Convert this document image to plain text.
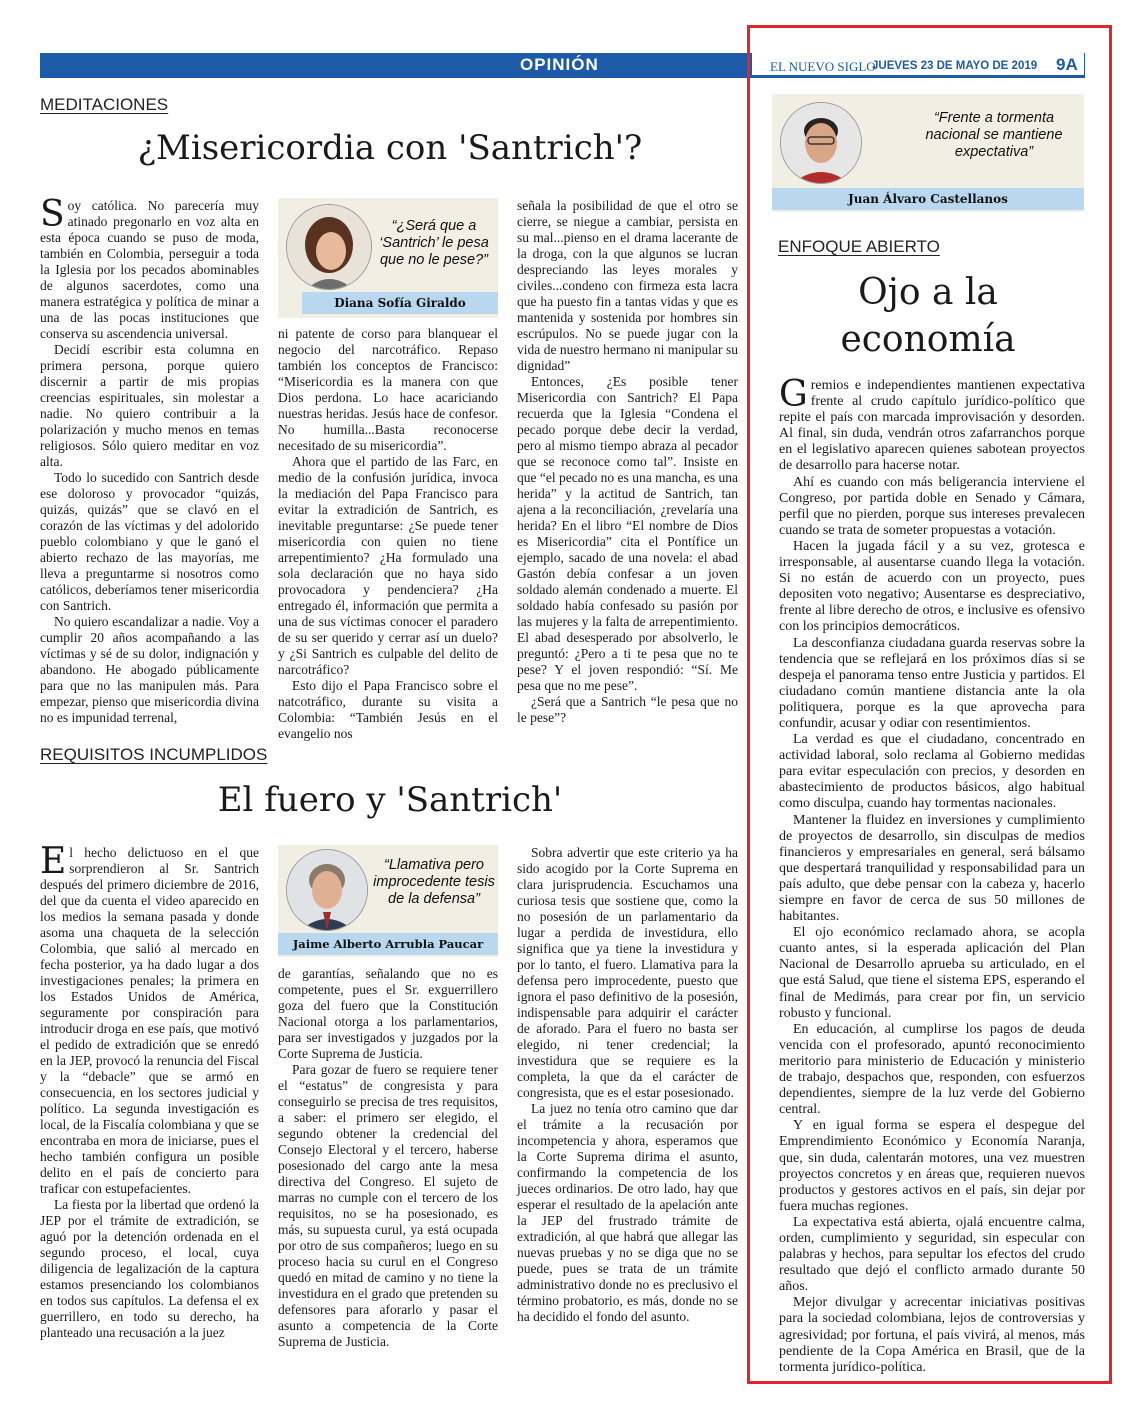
OPINIÓN	EL NUEVO SIGLO
JUEVES 23 DE MAYO DE 2019 9A
MEDITACIONES
¿Misericordia con 'Santrich'?

Soy católica. No parecería muy atinado pregonarlo en voz alta en esta época cuando se puso de moda, también en Colombia, perseguir a toda la Iglesia por los pecados abominables de algunos sacerdotes, como una manera estratégica y política de minar a una de las pocas instituciones que conserva su ascendencia universal.

Decidí escribir esta columna en primera persona, porque quiero discernir a partir de mis propias creencias espirituales, sin molestar a nadie. No quiero contribuir a la polarización y mucho menos en temas religiosos. Sólo quiero meditar en voz alta.

Todo lo sucedido con Santrich desde ese doloroso y provocador “quizás, quizás, quizás” que se clavó en el corazón de las víctimas y del adolorido pueblo colombiano y que le ganó el abierto rechazo de las mayorías, me lleva a preguntarme si nosotros como católicos, deberíamos tener misericordia con Santrich.

No quiero escandalizar a nadie. Voy a cumplir 20 años acompañando a las víctimas y sé de su dolor, indignación y abandono. He abogado públicamente para que no las manipulen más. Para empezar, pienso que misericordia divina no es impunidad terrenal,

“¿Será que a ‘Santrich’ le pesa que no le pese?”
Diana Sofía Giraldo

ni patente de corso para blanquear el negocio del narcotráfico. Repaso también los conceptos de Francisco: “Misericordia es la manera con que Dios perdona. Lo hace acariciando nuestras heridas. Jesús hace de confesor. No humilla...Basta reconocerse necesitado de su misericordia”.

Ahora que el partido de las Farc, en medio de la confusión jurídica, invoca la mediación del Papa Francisco para evitar la extradición de Santrich, es inevitable preguntarse: ¿Se puede tener misericordia con quien no tiene arrepentimiento? ¿Ha formulado una sola declaración que no haya sido provocadora y pendenciera? ¿Ha entregado él, información que permita a una de sus víctimas conocer el paradero de su ser querido y cerrar así un duelo? y ¿Si Santrich es culpable del delito de narcotráfico?

Esto dijo el Papa Francisco sobre el natcotráfico, durante su visita a Colombia: “También Jesús en el evangelio nos

señala la posibilidad de que el otro se cierre, se niegue a cambiar, persista en su mal...pienso en el drama lacerante de la droga, con la que algunos se lucran despreciando las leyes morales y civiles...condeno con firmeza esta lacra que ha puesto fin a tantas vidas y que es mantenida y sostenida por hombres sin escrúpulos. No se puede jugar con la vida de nuestro hermano ni manipular su dignidad”

Entonces, ¿Es posible tener Misericordia con Santrich? El Papa recuerda que la Iglesia “Condena el pecado porque debe decir la verdad, pero al mismo tiempo abraza al pecador que se reconoce como tal”. Insiste en que “el pecado no es una mancha, es una herida” y la actitud de Santrich, tan ajena a la reconciliación, ¿revelaría una herida? En el libro “El nombre de Dios es Misericordia” cita el Pontífice un ejemplo, sacado de una novela: el abad Gastón debía confesar a un joven soldado alemán condenado a muerte. El soldado había confesado su pasión por las mujeres y la falta de arrepentimiento. El abad desesperado por absolverlo, le preguntó: ¿Pero a ti te pesa que no te pese? Y el joven respondió: “Sí. Me pesa que no me pese”.

¿Será que a Santrich “le pesa que no le pese”?

REQUISITOS INCUMPLIDOS
El fuero y 'Santrich'

El hecho delictuoso en el que sorprendieron al Sr. Santrich después del primero diciembre de 2016, del que da cuenta el video aparecido en los medios la semana pasada y donde asoma una chaqueta de la selección Colombia, que salió al mercado en fecha posterior, ya ha dado lugar a dos investigaciones penales; la primera en los Estados Unidos de América, seguramente por conspiración para introducir droga en ese país, que motivó el pedido de extradición que se enredó en la JEP, provocó la renuncia del Fiscal y la “debacle” que se armó en consecuencia, en los sectores judicial y político. La segunda investigación es local, de la Fiscalía colombiana y que se encontraba en mora de iniciarse, pues el hecho también configura un posible delito en el país de concierto para traficar con estupefacientes.

La fiesta por la libertad que ordenó la JEP por el trámite de extradición, se aguó por la detención ordenada en el segundo proceso, el local, cuya diligencia de legalización de la captura estamos presenciando los colombianos en todos sus capítulos. La defensa el ex guerrillero, en todo su derecho, ha planteado una recusación a la juez

“Llamativa pero improcedente tesis de la defensa”
Jaime Alberto Arrubla Paucar

de garantías, señalando que no es competente, pues el Sr. exguerrillero goza del fuero que la Constitución Nacional otorga a los parlamentarios, para ser investigados y juzgados por la Corte Suprema de Justicia.

Para gozar de fuero se requiere tener el “estatus” de congresista y para conseguirlo se precisa de tres requisitos, a saber: el primero ser elegido, el segundo obtener la credencial del Consejo Electoral y el tercero, haberse posesionado del cargo ante la mesa directiva del Congreso. El sujeto de marras no cumple con el tercero de los requisitos, no se ha posesionado, es más, su supuesta curul, ya está ocupada por otro de sus compañeros; luego en su proceso hacia su curul en el Congreso quedó en mitad de camino y no tiene la investidura en el grado que pretenden su defensores para aforarlo y pasar el asunto a competencia de la Corte Suprema de Justicia.

Sobra advertir que este criterio ya ha sido acogido por la Corte Suprema en clara jurisprudencia. Escuchamos una curiosa tesis que sostiene que, como la no posesión de un parlamentario da lugar a perdida de investidura, ello significa que ya tiene la investidura y por lo tanto, el fuero. Llamativa para la defensa pero improcedente, puesto que ignora el paso definitivo de la posesión, indispensable para adquirir el carácter de aforado. Para el fuero no basta ser elegido, ni tener credencial; la investidura que se requiere es la completa, la que da el carácter de congresista, que es el estar posesionado.

La juez no tenía otro camino que dar el trámite a la recusación por incompetencia y ahora, esperamos que la Corte Suprema dirima el asunto, confirmando la competencia de los jueces ordinarios. De otro lado, hay que esperar el resultado de la apelación ante la JEP del frustrado trámite de extradición, al que habrá que allegar las nuevas pruebas y no se diga que no se puede, pues se trata de un trámite administrativo donde no es preclusivo el término probatorio, es más, donde no se ha decidido el fondo del asunto.

“Frente a tormenta nacional se mantiene expectativa”
Juan Álvaro Castellanos
ENFOQUE ABIERTO
Ojo a la
economía

Gremios e independientes mantienen expectativa frente al crudo capítulo jurídico-político que repite el país con marcada improvisación y desorden. Al final, sin duda, vendrán otros zafarranchos porque en el legislativo aparecen quienes sabotean proyectos de desarrollo para hacerse notar.

Ahí es cuando con más beligerancia interviene el Congreso, por partida doble en Senado y Cámara, perfil que no pierden, porque sus intereses prevalecen cuando se trata de someter propuestas a votación.

Hacen la jugada fácil y a su vez, grotesca e irresponsable, al ausentarse cuando llega la votación. Si no están de acuerdo con un proyecto, pues depositen voto negativo; Ausentarse es despreciativo, frente al libre derecho de otros, e inclusive es ofensivo con los principios democráticos.

La desconfianza ciudadana guarda reservas sobre la tendencia que se reflejará en los próximos días si se despeja el panorama tenso entre Justicia y partidos. El ciudadano común mantiene distancia ante la ola politiquera, porque es la que aprovecha para confundir, acusar y odiar con resentimientos.

La verdad es que el ciudadano, concentrado en actividad laboral, solo reclama al Gobierno medidas para evitar especulación con precios, y desorden en abastecimiento de productos básicos, algo habitual como disculpa, cuando hay tormentas nacionales.

Mantener la fluidez en inversiones y cumplimiento de proyectos de desarrollo, sin disculpas de medios financieros y empresariales en general, será bálsamo que despertará tranquilidad y responsabilidad para un país adulto, que debe pensar con la cabeza y, hacerlo siempre en favor de cerca de sus 50 millones de habitantes.

El ojo económico reclamado ahora, se acopla cuanto antes, si la esperada aplicación del Plan Nacional de Desarrollo aprueba su articulado, en el que está Salud, que tiene el sistema EPS, esperando el final de Medimás, para crear por fin, un servicio robusto y funcional.

En educación, al cumplirse los pagos de deuda vencida con el profesorado, apuntó reconocimiento meritorio para ministerio de Educación y ministerio de trabajo, despachos que, responden, con esfuerzos dependientes, siempre de la luz verde del Gobierno central.

Y en igual forma se espera el despegue del Emprendimiento Económico y Economía Naranja, que, sin duda, calentarán motores, una vez muestren proyectos concretos y en áreas que, requieren nuevos productos y gestores activos en el país, sin dejar por fuera muchas regiones.

La expectativa está abierta, ojalá encuentre calma, orden, cumplimiento y seguridad, sin especular con palabras y hechos, para sepultar los efectos del crudo resultado que dejó el conflicto armado durante 50 años.

Mejor divulgar y acrecentar iniciativas positivas para la sociedad colombiana, lejos de controversias y agresividad; por fortuna, el país vivirá, al menos, más pendiente de la Copa América en Brasil, que de la tormenta jurídico-política.
